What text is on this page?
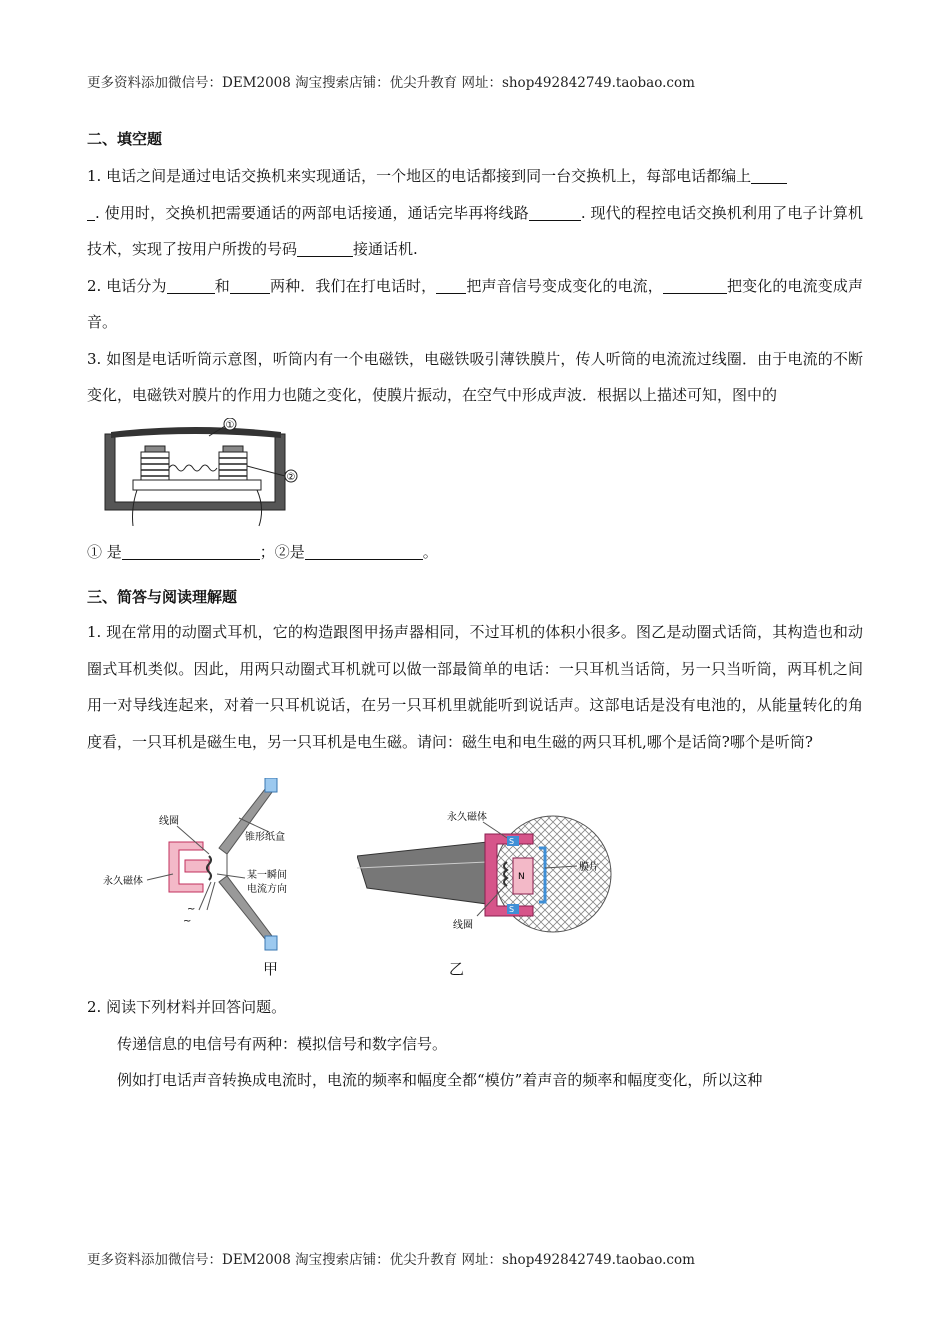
更多资料添加微信号：DEM2008 淘宝搜索店铺：优尖升教育 网址：shop492842749.taobao.com

二、填空题

1. 电话之间是通过电话交换机来实现通话，一个地区的电话都接到同一台交换机上，每部电话都编上
. 使用时，交换机把需要通话的两部电话接通，通话完毕再将线路	. 现代的程控电话交换机利用了电子计算机技术，实现了按用户所拨的号码	接通话机.

2. 电话分为	和	两种．我们在打电话时， 把声音信号变成变化的电流，	把变化的电流变成声音。

3. 如图是电话听筒示意图，听筒内有一个电磁铁，电磁铁吸引薄铁膜片，传人听筒的电流流过线圈．由于电流的不断变化，电磁铁对膜片的作用力也随之变化，使膜片振动，在空气中形成声波．根据以上描述可知，图中的

①
②

① 是	；②是	。

三、简答与阅读理解题

1. 现在常用的动圈式耳机，它的构造跟图甲扬声器相同，不过耳机的体积小很多。图乙是动圈式话筒，其构造也和动圈式耳机类似。因此，用两只动圈式耳机就可以做一部最简单的电话：一只耳机当话筒，另一只当听筒，两耳机之间用一对导线连起来，对着一只耳机说话，在另一只耳机里就能听到说话声。这部电话是没有电池的，从能量转化的角度看，一只耳机是磁生电，另一只耳机是电生磁。请问：磁生电和电生磁的两只耳机,哪个是话筒?哪个是听筒?

~
~
线圈
锥形纸盒
永久磁体
某一瞬间
电流方向
S
S
N
永久磁体
膜片
线圈
甲	乙

2. 阅读下列材料并回答问题。

传递信息的电信号有两种：模拟信号和数字信号。

例如打电话声音转换成电流时，电流的频率和幅度全都“模仿”着声音的频率和幅度变化，所以这种

更多资料添加微信号：DEM2008 淘宝搜索店铺：优尖升教育 网址：shop492842749.taobao.com
